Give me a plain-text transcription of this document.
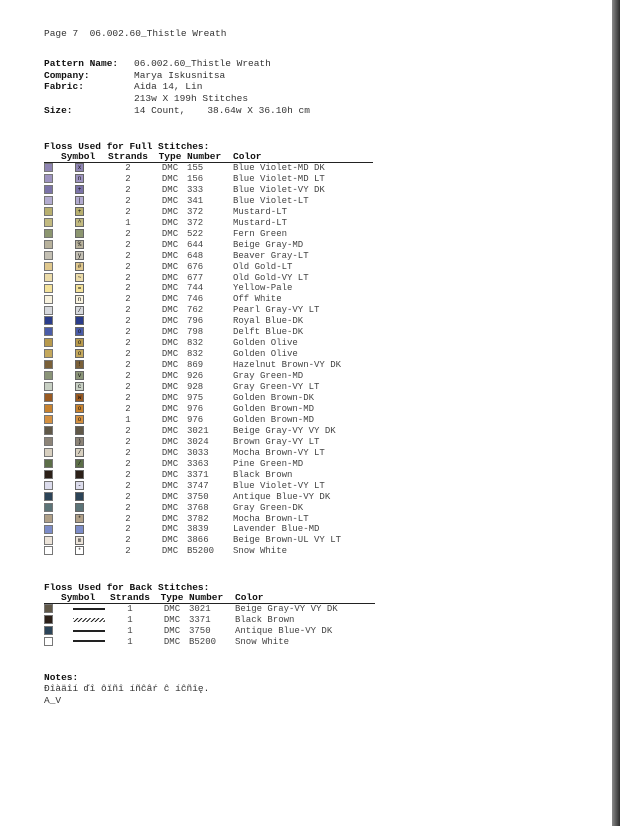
Page 7  06.002.60_Thistle Wreath
Pattern Name: 06.002.60_Thistle Wreath
Company:	Marya Iskusnitsa
Fabric:	Aida 14, Lin
213w X 199h Stitches
Size:	14 Count, 38.64w X 36.10h cm
Floss Used for Full Stitches:
	Symbol	Strands	Type	Number	Color
	x	2	DMC	155	Blue Violet-MD DK
	n	2	DMC	156	Blue Violet-MD LT
	+	2	DMC	333	Blue Violet-VY DK
	|	2	DMC	341	Blue Violet-LT
	+	2	DMC	372	Mustard-LT
	^	1	DMC	372	Mustard-LT
		2	DMC	522	Fern Green
	%	2	DMC	644	Beige Gray-MD
	y	2	DMC	648	Beaver Gray-LT
	#	2	DMC	676	Old Gold-LT
	~	2	DMC	677	Old Gold-VY LT
	=	2	DMC	744	Yellow-Pale
	n	2	DMC	746	Off White
	/	2	DMC	762	Pearl Gray-VY LT
		2	DMC	796	Royal Blue-DK
	o	2	DMC	798	Delft Blue-DK
	o	2	DMC	832	Golden Olive
	o	2	DMC	832	Golden Olive
	!	2	DMC	869	Hazelnut Brown-VY DK
	v	2	DMC	926	Gray Green-MD
	c	2	DMC	928	Gray Green-VY LT
	w	2	DMC	975	Golden Brown-DK
	o	2	DMC	976	Golden Brown-MD
	o	1	DMC	976	Golden Brown-MD
		2	DMC	3021	Beige Gray-VY VY DK
	)	2	DMC	3024	Brown Gray-VY LT
	/	2	DMC	3033	Mocha Brown-VY LT
	/	2	DMC	3363	Pine Green-MD
		2	DMC	3371	Black Brown
	-	2	DMC	3747	Blue Violet-VY LT
		2	DMC	3750	Antique Blue-VY DK
		2	DMC	3768	Gray Green-DK
	*	2	DMC	3782	Mocha Brown-LT
		2	DMC	3839	Lavender Blue-MD
	m	2	DMC	3866	Beige Brown-UL VY LT
	*	2	DMC	B5200	Snow White
Floss Used for Back Stitches:
	Symbol	Strands	Type	Number	Color
		1	DMC	3021	Beige Gray-VY VY DK
		1	DMC	3371	Black Brown
		1	DMC	3750	Antique Blue-VY DK
		1	DMC	B5200	Snow White
Notes:
Ðîàäîí ďî ôïñî íñĉâŕ ĉ íĉñîę.
A_V
